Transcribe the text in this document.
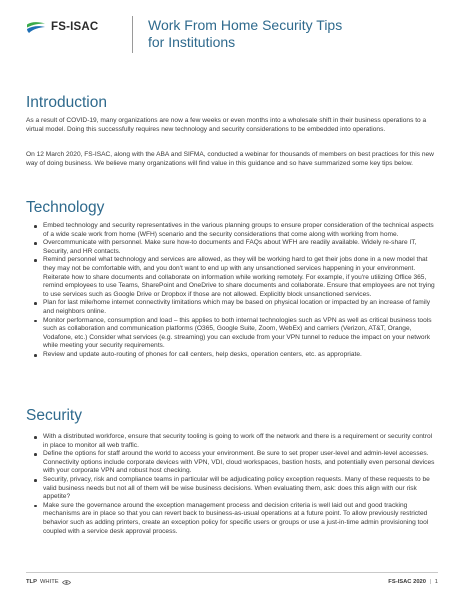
FS-ISAC	Work From Home Security Tips
for Institutions
Introduction
As a result of COVID-19, many organizations are now a few weeks or even months into a wholesale shift in their business operations to a virtual model. Doing this successfully requires new technology and security considerations to be embedded into operations.
On 12 March 2020, FS-ISAC, along with the ABA and SIFMA, conducted a webinar for thousands of members on best practices for this new way of doing business. We believe many organizations will find value in this guidance and so have summarized some key tips below.
Technology
Embed technology and security representatives in the various planning groups to ensure proper consideration of the technical aspects of a wide scale work from home (WFH) scenario and the security considerations that come along with working from home.
Overcommunicate with personnel. Make sure how-to documents and FAQs about WFH are readily available. Widely re-share IT, Security, and HR contacts.
Remind personnel what technology and services are allowed, as they will be working hard to get their jobs done in a new model that they may not be comfortable with, and you don't want to end up with any unsanctioned services happening in your environment. Reiterate how to share documents and collaborate on information while working remotely. For example, if you're utilizing Office 365, remind employees to use Teams, SharePoint and OneDrive to share documents and collaborate. Ensure that employees are not trying to use services such as Google Drive or Dropbox if those are not allowed. Explicitly block unsanctioned services.
Plan for last mile/home internet connectivity limitations which may be based on physical location or impacted by an increase of family and neighbors online.
Monitor performance, consumption and load – this applies to both internal technologies such as VPN as well as critical business tools such as collaboration and communication platforms (O365, Google Suite, Zoom, WebEx) and carriers (Verizon, AT&T, Orange, Vodafone, etc.) Consider what services (e.g. streaming) you can exclude from your VPN tunnel to reduce the impact on your network while meeting your security requirements.
Review and update auto-routing of phones for call centers, help desks, operation centers, etc. as appropriate.
Security
With a distributed workforce, ensure that security tooling is going to work off the network and there is a requirement or security control in place to monitor all web traffic.
Define the options for staff around the world to access your environment. Be sure to set proper user-level and admin-level accesses. Connectivity options include corporate devices with VPN, VDI, cloud workspaces, bastion hosts, and potentially even personal devices with your corporate VPN and robust host checking.
Security, privacy, risk and compliance teams in particular will be adjudicating policy exception requests. Many of these requests to be valid business needs but not all of them will be wise business decisions. When evaluating them, ask: does this align with our risk appetite?
Make sure the governance around the exception management process and decision criteria is well laid out and good tracking mechanisms are in place so that you can revert back to business-as-usual operations at a future point. To allow previously restricted behavior such as adding printers, create an exception policy for specific users or groups or use a just-in-time admin provisioning tool coupled with a service desk approval process.
TLP WHITE	FS-ISAC 2020 | 1
